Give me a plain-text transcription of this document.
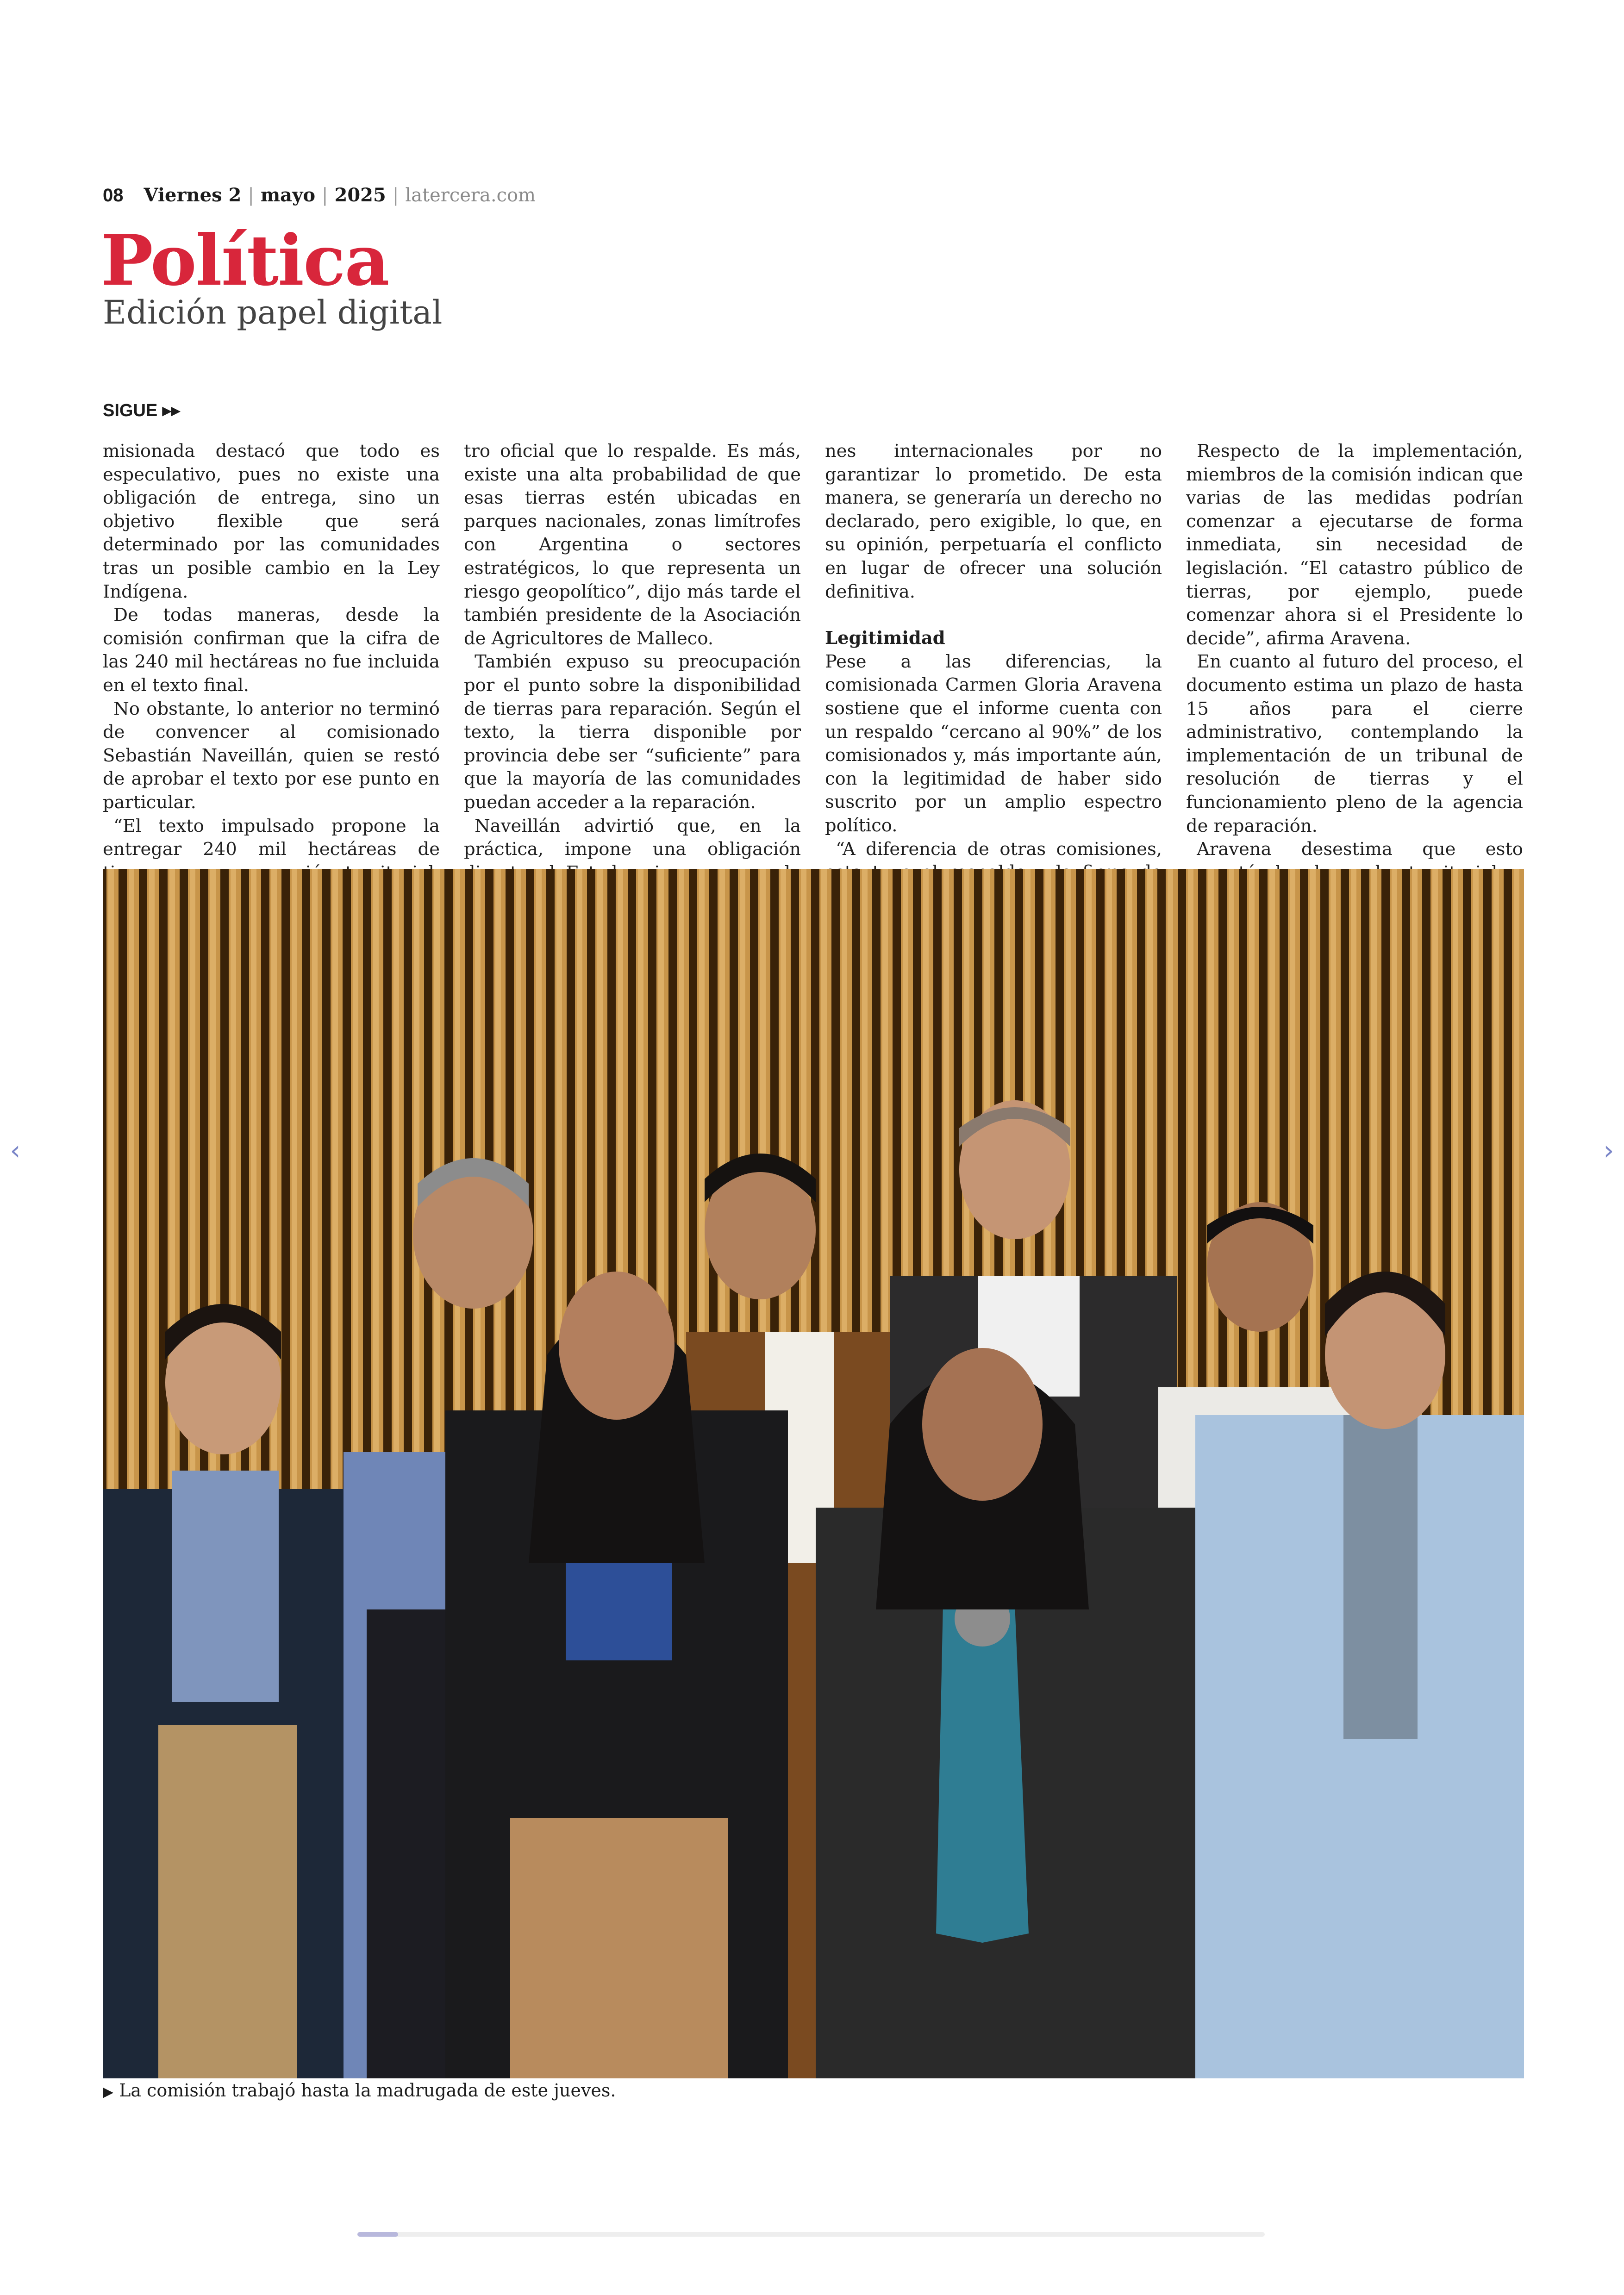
08 Viernes 2 | mayo | 2025 | latercera.com
Política
Edición papel digital
SIGUE ▸▸

misionada destacó que todo es especulativo, pues no existe una obligación de entrega, sino un objetivo flexible que será determinado por las comunidades tras un posible cambio en la Ley Indígena.

De todas maneras, desde la comisión confirman que la cifra de las 240 mil hectáreas no fue incluida en el texto final.

No obstante, lo anterior no terminó de convencer al comisionado Sebastián Naveillán, quien se restó de aprobar el texto por ese punto en particular.

“El texto impulsado propone la entregar 240 mil hectáreas de

tro oficial que lo respalde. Es más, existe una alta probabilidad de que esas tierras estén ubicadas en parques nacionales, zonas limítrofes con Argentina o sectores estratégicos, lo que representa un riesgo geopolítico”, dijo más tarde el también presidente de la Asociación de Agricultores de Malleco.

También expuso su preocupación por el punto sobre la disponibilidad de tierras para reparación. Según el texto, la tierra disponible por provincia debe ser “suficiente” para que la mayoría de las comunidades puedan acceder a la reparación.

Naveillán advirtió que, en la práctica, impone una obligación

nes internacionales por no garantizar lo prometido. De esta manera, se generaría un derecho no declarado, pero exigible, lo que, en su opinión, perpetuaría el conflicto en lugar de ofrecer una solución definitiva.

Legitimidad

Pese a las diferencias, la comisionada Carmen Gloria Aravena sostiene que el informe cuenta con un respaldo “cercano al 90%” de los comisionados y, más importante aún, con la legitimidad de haber sido suscrito por un amplio espectro político.

“A diferencia de otras comisiones,

Respecto de la implementación, miembros de la comisión indican que varias de las medidas podrían comenzar a ejecutarse de forma inmediata, sin necesidad de legislación. “El catastro público de tierras, por ejemplo, puede comenzar ahora si el Presidente lo decide”, afirma Aravena.

En cuanto al futuro del proceso, el documento estima un plazo de hasta 15 años para el cierre administrativo, contemplando la implementación de un tribunal de resolución de tierras y el funcionamiento pleno de la agencia de reparación.

Aravena desestima que esto

▶ La comisión trabajó hasta la madrugada de este jueves.
‹	›
